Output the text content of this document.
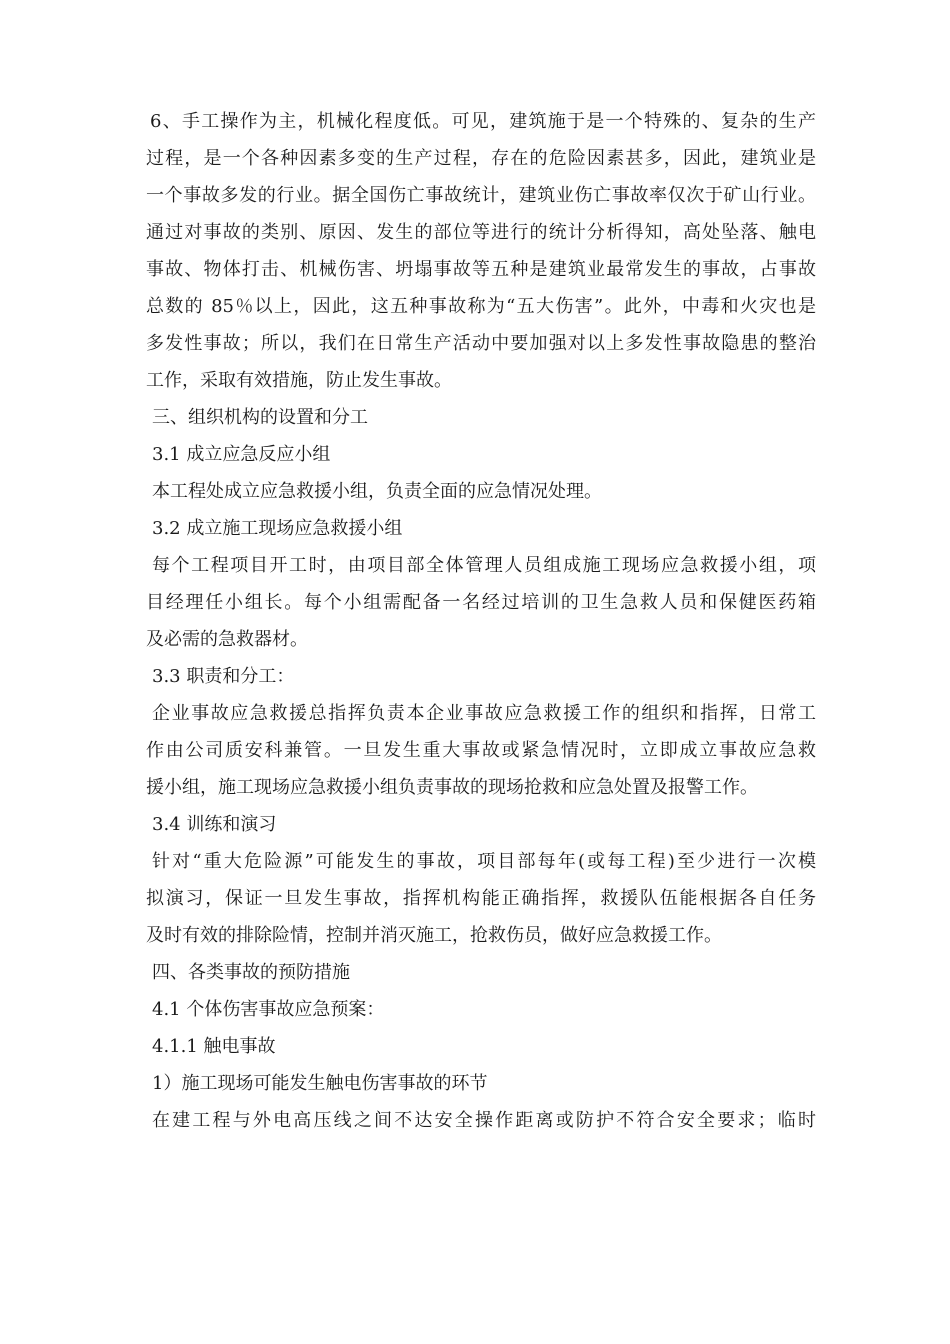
6、手工操作为主，机械化程度低。可见，建筑施于是一个特殊的、复杂的生产
过程，是一个各种因素多变的生产过程，存在的危险因素甚多，因此，建筑业是
一个事故多发的行业。据全国伤亡事故统计，建筑业伤亡事故率仅次于矿山行业。
通过对事故的类别、原因、发生的部位等进行的统计分析得知，高处坠落、触电
事故、物体打击、机械伤害、坍塌事故等五种是建筑业最常发生的事故，占事故
总数的 85％以上，因此，这五种事故称为“五大伤害”。此外，中毒和火灾也是
多发性事故；所以，我们在日常生产活动中要加强对以上多发性事故隐患的整治
工作，采取有效措施，防止发生事故。
三、组织机构的设置和分工
3.1 成立应急反应小组
本工程处成立应急救援小组，负责全面的应急情况处理。
3.2 成立施工现场应急救援小组
每个工程项目开工时，由项目部全体管理人员组成施工现场应急救援小组，项
目经理任小组长。每个小组需配备一名经过培训的卫生急救人员和保健医药箱
及必需的急救器材。
3.3 职责和分工：
企业事故应急救援总指挥负责本企业事故应急救援工作的组织和指挥，日常工
作由公司质安科兼管。一旦发生重大事故或紧急情况时，立即成立事故应急救
援小组，施工现场应急救援小组负责事故的现场抢救和应急处置及报警工作。
3.4 训练和演习
针对“重大危险源”可能发生的事故，项目部每年(或每工程)至少进行一次模
拟演习，保证一旦发生事故，指挥机构能正确指挥，救援队伍能根据各自任务
及时有效的排除险情，控制并消灭施工，抢救伤员，做好应急救援工作。
四、各类事故的预防措施
4.1 个体伤害事故应急预案：
4.1.1 触电事故
1）施工现场可能发生触电伤害事故的环节
在建工程与外电高压线之间不达安全操作距离或防护不符合安全要求；临时
